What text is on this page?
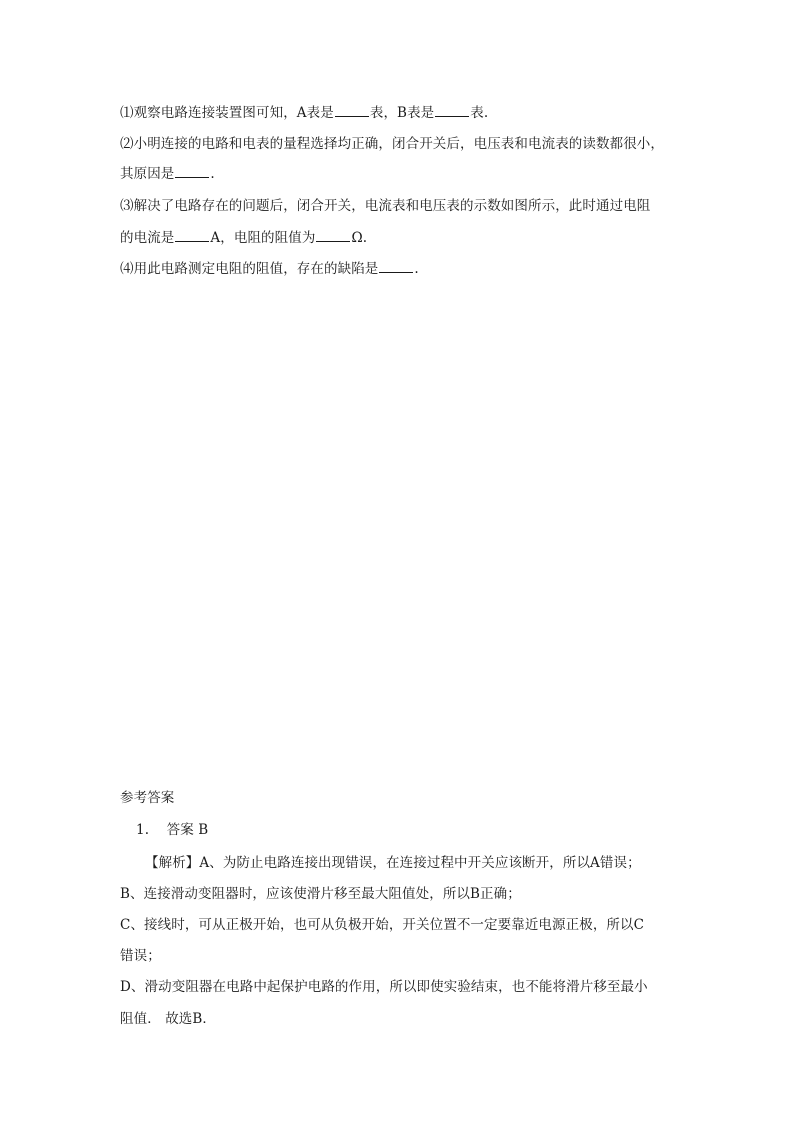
⑴观察电路连接装置图可知，A表是	表，B表是	表.
⑵小明连接的电路和电表的量程选择均正确，闭合开关后，电压表和电流表的读数都很小，
其原因是	.
⑶解决了电路存在的问题后，闭合开关，电流表和电压表的示数如图所示，此时通过电阻
的电流是	A，电阻的阻值为	Ω.
⑷用此电路测定电阻的阻值，存在的缺陷是	.
参考答案
1. 答案 B
【解析】A、为防止电路连接出现错误，在连接过程中开关应该断开，所以A错误；
B、连接滑动变阻器时，应该使滑片移至最大阻值处，所以B正确；
C、接线时，可从正极开始，也可从负极开始，开关位置不一定要靠近电源正极，所以C
错误；
D、滑动变阻器在电路中起保护电路的作用，所以即使实验结束，也不能将滑片移至最小
阻值． 故选B．
